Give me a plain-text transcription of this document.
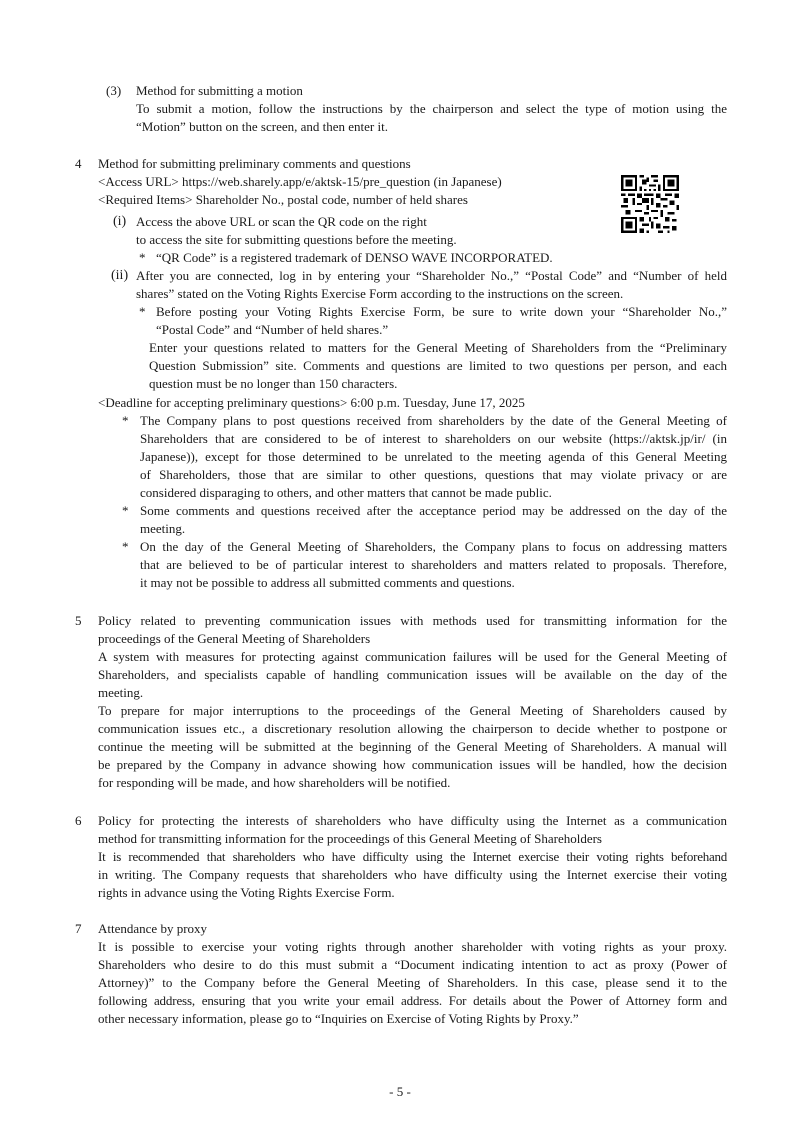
(3) Method for submitting a motion
To submit a motion, follow the instructions by the chairperson and select the type of motion using the
“Motion” button on the screen, and then enter it.
4 Method for submitting preliminary comments and questions
<Access URL> https://web.sharely.app/e/aktsk-15/pre_question (in Japanese)
<Required Items> Shareholder No., postal code, number of held shares
(i) Access the above URL or scan the QR code on the right
to access the site for submitting questions before the meeting.
* “QR Code” is a registered trademark of DENSO WAVE INCORPORATED.
(ii) After you are connected, log in by entering your “Shareholder No.,” “Postal Code” and “Number of held
shares” stated on the Voting Rights Exercise Form according to the instructions on the screen.
* Before posting your Voting Rights Exercise Form, be sure to write down your “Shareholder No.,”
“Postal Code” and “Number of held shares.”
Enter your questions related to matters for the General Meeting of Shareholders from the “Preliminary
Question Submission” site. Comments and questions are limited to two questions per person, and each
question must be no longer than 150 characters.
<Deadline for accepting preliminary questions> 6:00 p.m. Tuesday, June 17, 2025
* The Company plans to post questions received from shareholders by the date of the General Meeting of
Shareholders that are considered to be of interest to shareholders on our website (https://aktsk.jp/ir/ (in
Japanese)), except for those determined to be unrelated to the meeting agenda of this General Meeting
of Shareholders, those that are similar to other questions, questions that may violate privacy or are
considered disparaging to others, and other matters that cannot be made public.
* Some comments and questions received after the acceptance period may be addressed on the day of the
meeting.
* On the day of the General Meeting of Shareholders, the Company plans to focus on addressing matters
that are believed to be of particular interest to shareholders and matters related to proposals. Therefore,
it may not be possible to address all submitted comments and questions.
5 Policy related to preventing communication issues with methods used for transmitting information for the
proceedings of the General Meeting of Shareholders
A system with measures for protecting against communication failures will be used for the General Meeting of
Shareholders, and specialists capable of handling communication issues will be available on the day of the
meeting.
To prepare for major interruptions to the proceedings of the General Meeting of Shareholders caused by
communication issues etc., a discretionary resolution allowing the chairperson to decide whether to postpone or
continue the meeting will be submitted at the beginning of the General Meeting of Shareholders. A manual will
be prepared by the Company in advance showing how communication issues will be handled, how the decision
for responding will be made, and how shareholders will be notified.
6 Policy for protecting the interests of shareholders who have difficulty using the Internet as a communication
method for transmitting information for the proceedings of this General Meeting of Shareholders
It is recommended that shareholders who have difficulty using the Internet exercise their voting rights beforehand
in writing. The Company requests that shareholders who have difficulty using the Internet exercise their voting
rights in advance using the Voting Rights Exercise Form.
7 Attendance by proxy
It is possible to exercise your voting rights through another shareholder with voting rights as your proxy.
Shareholders who desire to do this must submit a “Document indicating intention to act as proxy (Power of
Attorney)” to the Company before the General Meeting of Shareholders. In this case, please send it to the
following address, ensuring that you write your email address. For details about the Power of Attorney form and
other necessary information, please go to “Inquiries on Exercise of Voting Rights by Proxy.”
- 5 -
